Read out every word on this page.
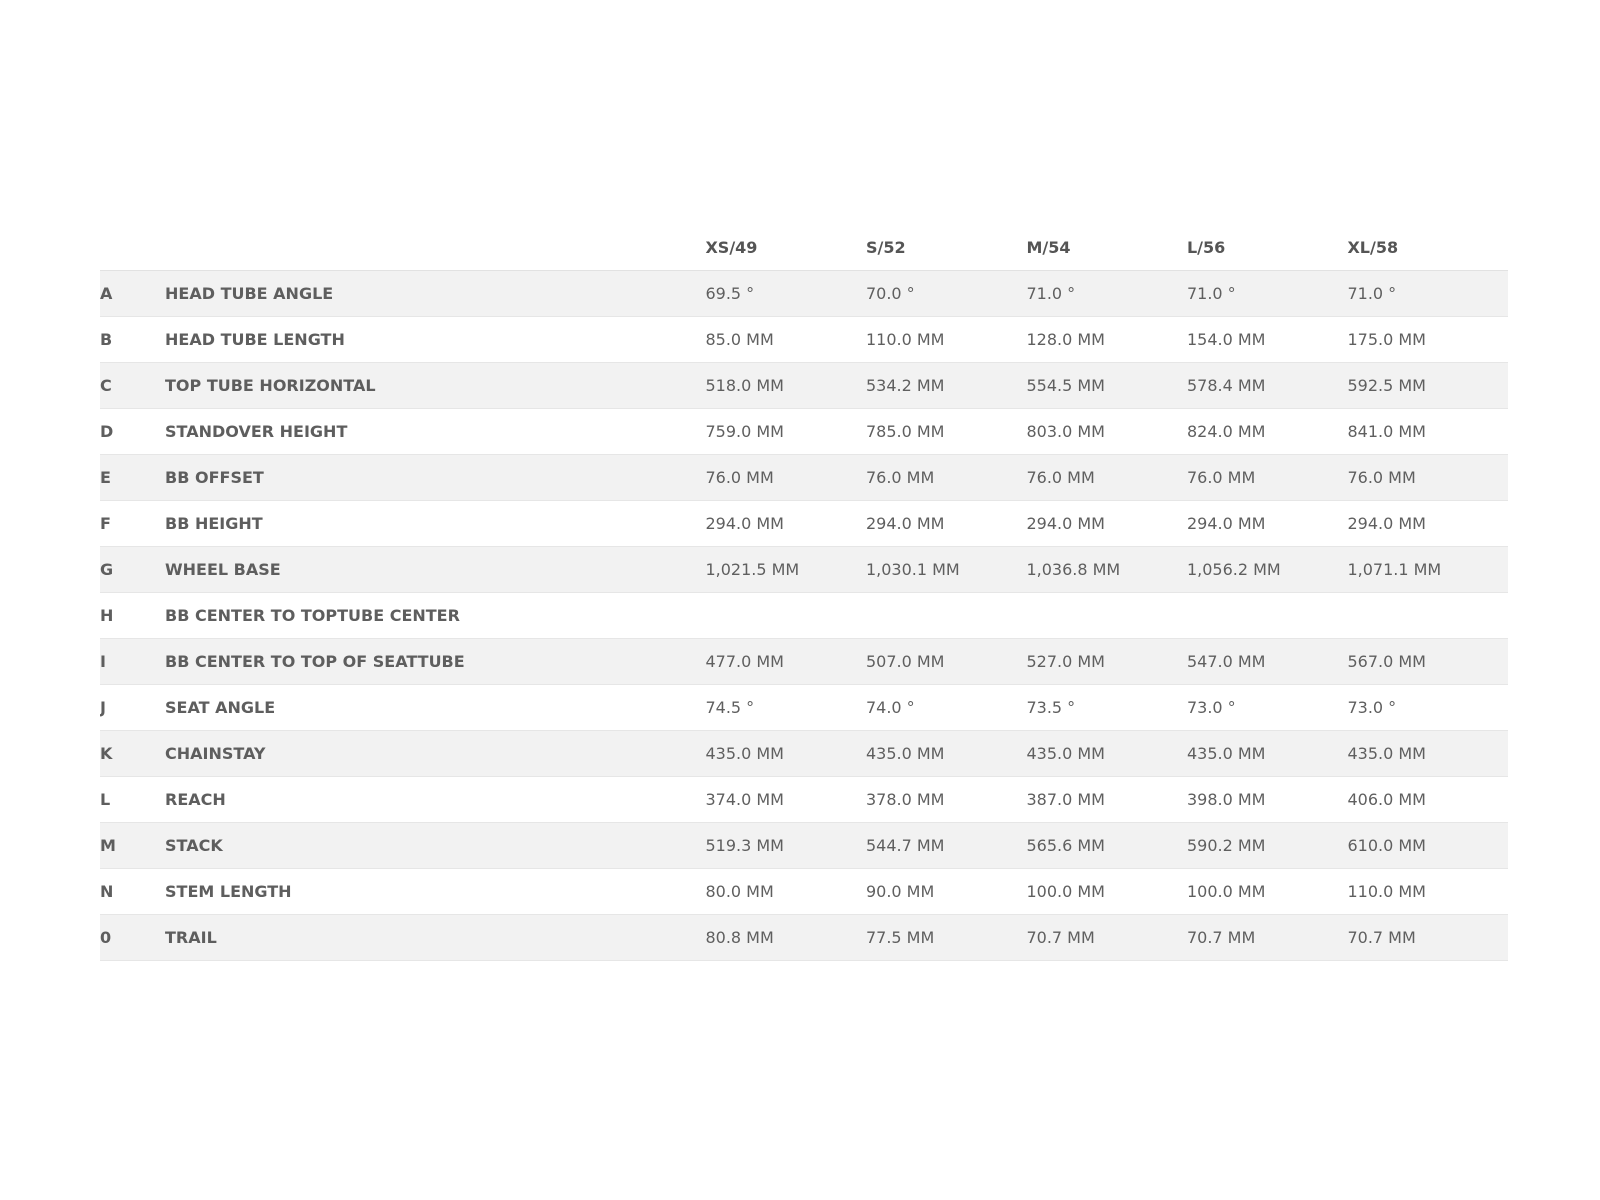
		XS/49	S/52	M/54	L/56	XL/58
A	HEAD TUBE ANGLE	69.5 °	70.0 °	71.0 °	71.0 °	71.0 °
B	HEAD TUBE LENGTH	85.0 MM	110.0 MM	128.0 MM	154.0 MM	175.0 MM
C	TOP TUBE HORIZONTAL	518.0 MM	534.2 MM	554.5 MM	578.4 MM	592.5 MM
D	STANDOVER HEIGHT	759.0 MM	785.0 MM	803.0 MM	824.0 MM	841.0 MM
E	BB OFFSET	76.0 MM	76.0 MM	76.0 MM	76.0 MM	76.0 MM
F	BB HEIGHT	294.0 MM	294.0 MM	294.0 MM	294.0 MM	294.0 MM
G	WHEEL BASE	1,021.5 MM	1,030.1 MM	1,036.8 MM	1,056.2 MM	1,071.1 MM
H	BB CENTER TO TOPTUBE CENTER					
I	BB CENTER TO TOP OF SEATTUBE	477.0 MM	507.0 MM	527.0 MM	547.0 MM	567.0 MM
J	SEAT ANGLE	74.5 °	74.0 °	73.5 °	73.0 °	73.0 °
K	CHAINSTAY	435.0 MM	435.0 MM	435.0 MM	435.0 MM	435.0 MM
L	REACH	374.0 MM	378.0 MM	387.0 MM	398.0 MM	406.0 MM
M	STACK	519.3 MM	544.7 MM	565.6 MM	590.2 MM	610.0 MM
N	STEM LENGTH	80.0 MM	90.0 MM	100.0 MM	100.0 MM	110.0 MM
0	TRAIL	80.8 MM	77.5 MM	70.7 MM	70.7 MM	70.7 MM
